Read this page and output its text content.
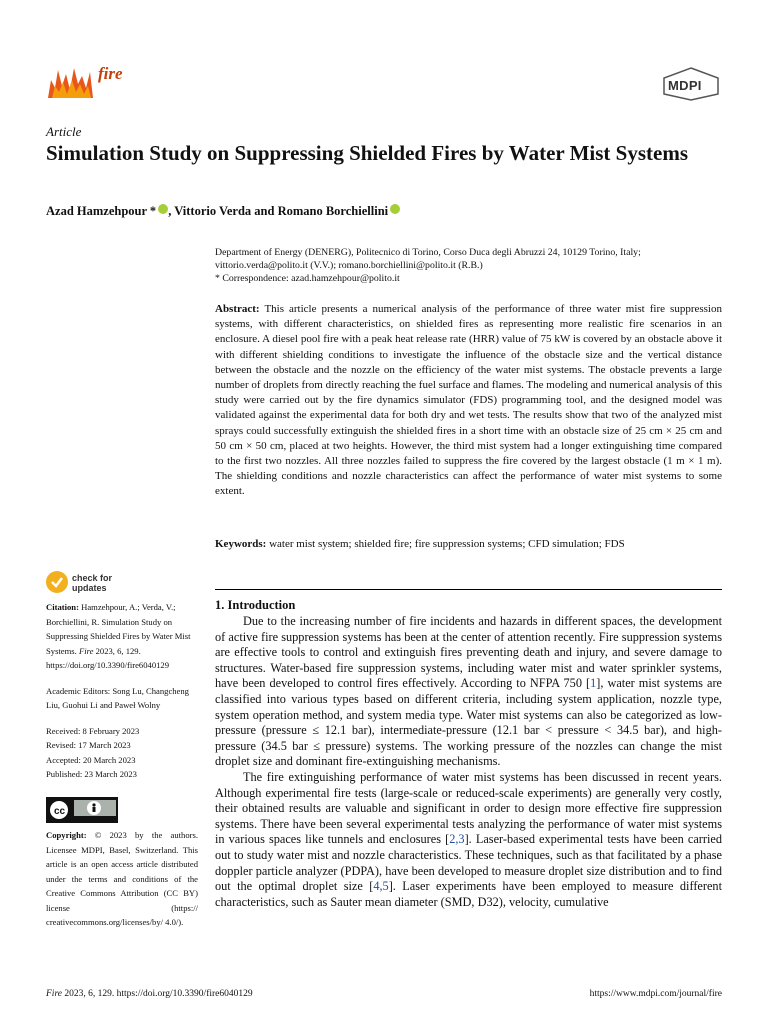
fire
MDPI
Article
Simulation Study on Suppressing Shielded Fires by Water Mist Systems
Azad Hamzehpour * , Vittorio Verda and Romano Borchiellini
Department of Energy (DENERG), Politecnico di Torino, Corso Duca degli Abruzzi 24, 10129 Torino, Italy;
vittorio.verda@polito.it (V.V.); romano.borchiellini@polito.it (R.B.)
* Correspondence: azad.hamzehpour@polito.it
Abstract: This article presents a numerical analysis of the performance of three water mist fire suppression systems, with different characteristics, on shielded fires as representing more realistic fire scenarios in an enclosure. A diesel pool fire with a peak heat release rate (HRR) value of 75 kW is covered by an obstacle above it with different shielding conditions to investigate the influence of the obstacle size and the vertical distance between the obstacle and the nozzle on the efficiency of the water mist systems. The obstacle prevents a large number of droplets from directly reaching the fuel surface and flames. The modeling and numerical analysis of this study were carried out by the fire dynamics simulator (FDS) programming tool, and the designed model was validated against the experimental data for both dry and wet tests. The results show that two of the analyzed mist sprays could successfully extinguish the shielded fires in a short time with an obstacle size of 25 cm × 25 cm and 50 cm × 50 cm, placed at two heights. However, the third mist system had a longer extinguishing time compared to the first two nozzles. All three nozzles failed to suppress the fire covered by the largest obstacle (1 m × 1 m). The shielding conditions and nozzle characteristics can affect the performance of water mist systems to some extent.
Keywords: water mist system; shielded fire; fire suppression systems; CFD simulation; FDS
check for
updates

Citation: Hamzehpour, A.; Verda, V.; Borchiellini, R. Simulation Study on Suppressing Shielded Fires by Water Mist Systems. Fire 2023, 6, 129. https://doi.org/10.3390/fire6040129

Academic Editors: Song Lu, Changcheng Liu, Guohui Li and Paweł Wolny

Received: 8 February 2023

Revised: 17 March 2023

Accepted: 20 March 2023

Published: 23 March 2023

cc
Copyright: © 2023 by the authors. Licensee MDPI, Basel, Switzerland. This article is an open access article distributed under the terms and conditions of the Creative Commons Attribution (CC BY) license (https:// creativecommons.org/licenses/by/ 4.0/).
1. Introduction

Due to the increasing number of fire incidents and hazards in different spaces, the development of active fire suppression systems has been at the center of attention recently. Fire suppression systems are effective tools to control and extinguish fires preventing death and injury, and severe damage to structures. Water-based fire suppression systems, including water mist and water sprinkler systems, have been developed to control fires effectively. According to NFPA 750 [1], water mist systems are classified into various types based on different criteria, including system application, nozzle type, system operation method, and system media type. Water mist systems can also be categorized as low-pressure (pressure ≤ 12.1 bar), intermediate-pressure (12.1 bar < pressure < 34.5 bar), and high-pressure (34.5 bar ≤ pressure) systems. The working pressure of the nozzles can change the mist droplet size and dominant fire-extinguishing mechanisms.

The fire extinguishing performance of water mist systems has been discussed in recent years. Although experimental fire tests (large-scale or reduced-scale experiments) are generally very costly, their obtained results are valuable and significant in order to design more effective fire suppression systems. There have been several experimental tests analyzing the performance of water mist systems in various spaces like tunnels and enclosures [2,3]. Laser-based experimental tests have been carried out to study water mist and nozzle characteristics. These techniques, such as that facilitated by a phase doppler particle analyzer (PDPA), have been developed to measure droplet size distribution and to find out the optimal droplet size [4,5]. Laser experiments have been employed to measure different characteristics, such as Sauter mean diameter (SMD, D32), velocity, cumulative

Fire 2023, 6, 129. https://doi.org/10.3390/fire6040129	https://www.mdpi.com/journal/fire
